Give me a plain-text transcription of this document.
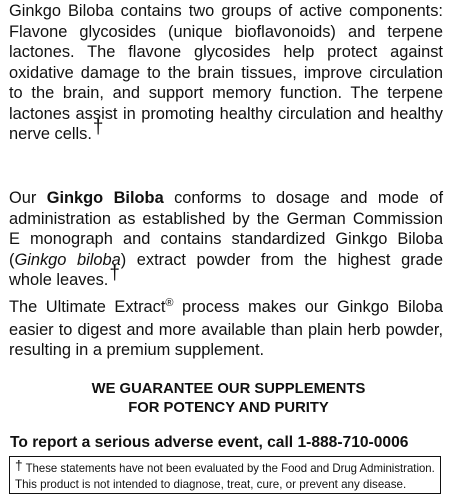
Ginkgo Biloba contains two groups of active components: Flavone glycosides (unique bioflavonoids) and terpene lactones. The flavone glycosides help protect against oxidative damage to the brain tissues, improve circulation to the brain, and support memory function. The terpene lactones assist in promoting healthy circulation and healthy nerve cells.†

Our Ginkgo Biloba conforms to dosage and mode of administration as established by the German Commission E monograph and contains standardized Ginkgo Biloba (Ginkgo biloba) extract powder from the highest grade whole leaves.†

The Ultimate Extract® process makes our Ginkgo Biloba easier to digest and more available than plain herb powder, resulting in a premium supplement.

WE GUARANTEE OUR SUPPLEMENTS
FOR POTENCY AND PURITY
To report a serious adverse event, call 1-888-710-0006
† These statements have not been evaluated by the Food and Drug Administration.
This product is not intended to diagnose, treat, cure, or prevent any disease.
